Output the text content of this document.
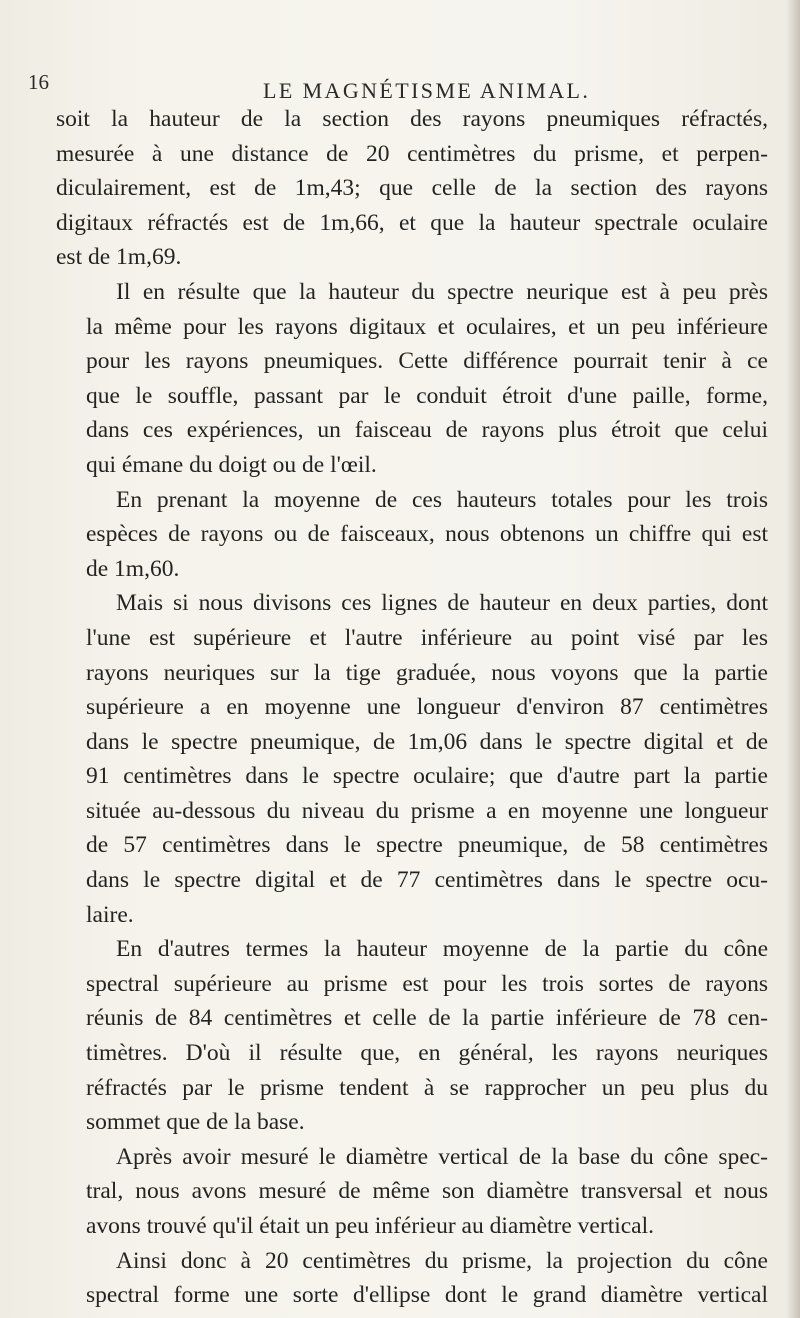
16	LE MAGNÉTISME ANIMAL.

soit la hauteur de la section des rayons pneumiques réfractés,
mesurée à une distance de 20 centimètres du prisme, et perpen-
diculairement, est de 1m,43; que celle de la section des rayons
digitaux réfractés est de 1m,66, et que la hauteur spectrale oculaire
est de 1m,69.

Il en résulte que la hauteur du spectre neurique est à peu près
la même pour les rayons digitaux et oculaires, et un peu inférieure
pour les rayons pneumiques. Cette différence pourrait tenir à ce
que le souffle, passant par le conduit étroit d'une paille, forme,
dans ces expériences, un faisceau de rayons plus étroit que celui
qui émane du doigt ou de l'œil.

En prenant la moyenne de ces hauteurs totales pour les trois
espèces de rayons ou de faisceaux, nous obtenons un chiffre qui est
de 1m,60.

Mais si nous divisons ces lignes de hauteur en deux parties, dont
l'une est supérieure et l'autre inférieure au point visé par les
rayons neuriques sur la tige graduée, nous voyons que la partie
supérieure a en moyenne une longueur d'environ 87 centimètres
dans le spectre pneumique, de 1m,06 dans le spectre digital et de
91 centimètres dans le spectre oculaire; que d'autre part la partie
située au-dessous du niveau du prisme a en moyenne une longueur
de 57 centimètres dans le spectre pneumique, de 58 centimètres
dans le spectre digital et de 77 centimètres dans le spectre ocu-
laire.

En d'autres termes la hauteur moyenne de la partie du cône
spectral supérieure au prisme est pour les trois sortes de rayons
réunis de 84 centimètres et celle de la partie inférieure de 78 cen-
timètres. D'où il résulte que, en général, les rayons neuriques
réfractés par le prisme tendent à se rapprocher un peu plus du
sommet que de la base.

Après avoir mesuré le diamètre vertical de la base du cône spec-
tral, nous avons mesuré de même son diamètre transversal et nous
avons trouvé qu'il était un peu inférieur au diamètre vertical.

Ainsi donc à 20 centimètres du prisme, la projection du cône
spectral forme une sorte d'ellipse dont le grand diamètre vertical
